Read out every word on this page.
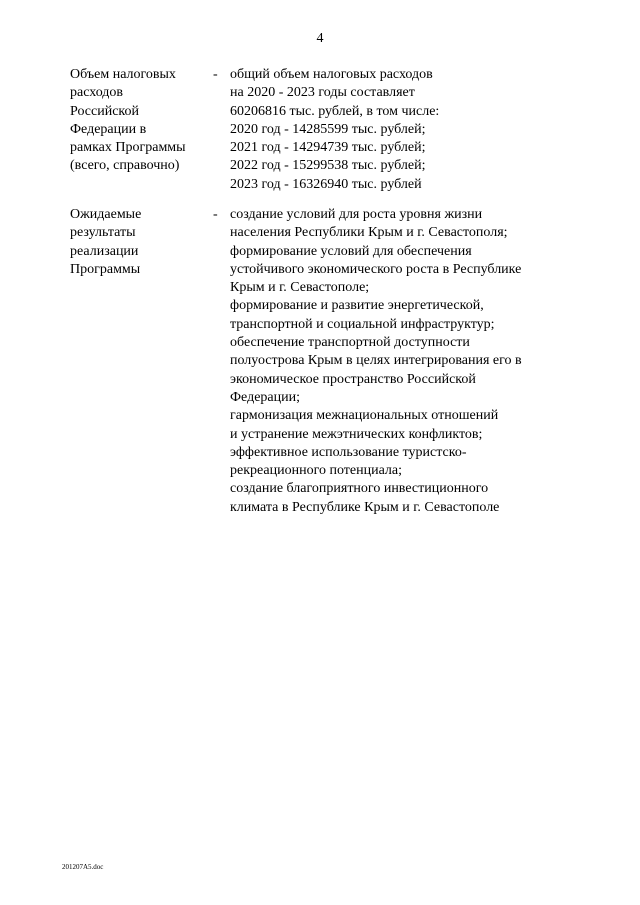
4
Объем налоговых
расходов
Российской
Федерации в
рамках Программы
(всего, справочно)
- общий объем налоговых расходов
на 2020 - 2023 годы составляет
60206816 тыс. рублей, в том числе:
2020 год - 14285599 тыс. рублей;
2021 год - 14294739 тыс. рублей;
2022 год - 15299538 тыс. рублей;
2023 год - 16326940 тыс. рублей
Ожидаемые
результаты
реализации
Программы
- создание условий для роста уровня жизни
населения Республики Крым и г. Севастополя;
формирование условий для обеспечения
устойчивого экономического роста в Республике
Крым и г. Севастополе;
формирование и развитие энергетической,
транспортной и социальной инфраструктур;
обеспечение транспортной доступности
полуострова Крым в целях интегрирования его в
экономическое пространство Российской
Федерации;
гармонизация межнациональных отношений
и устранение межэтнических конфликтов;
эффективное использование туристско-
рекреационного потенциала;
создание благоприятного инвестиционного
климата в Республике Крым и г. Севастополе
201207A5.doc
